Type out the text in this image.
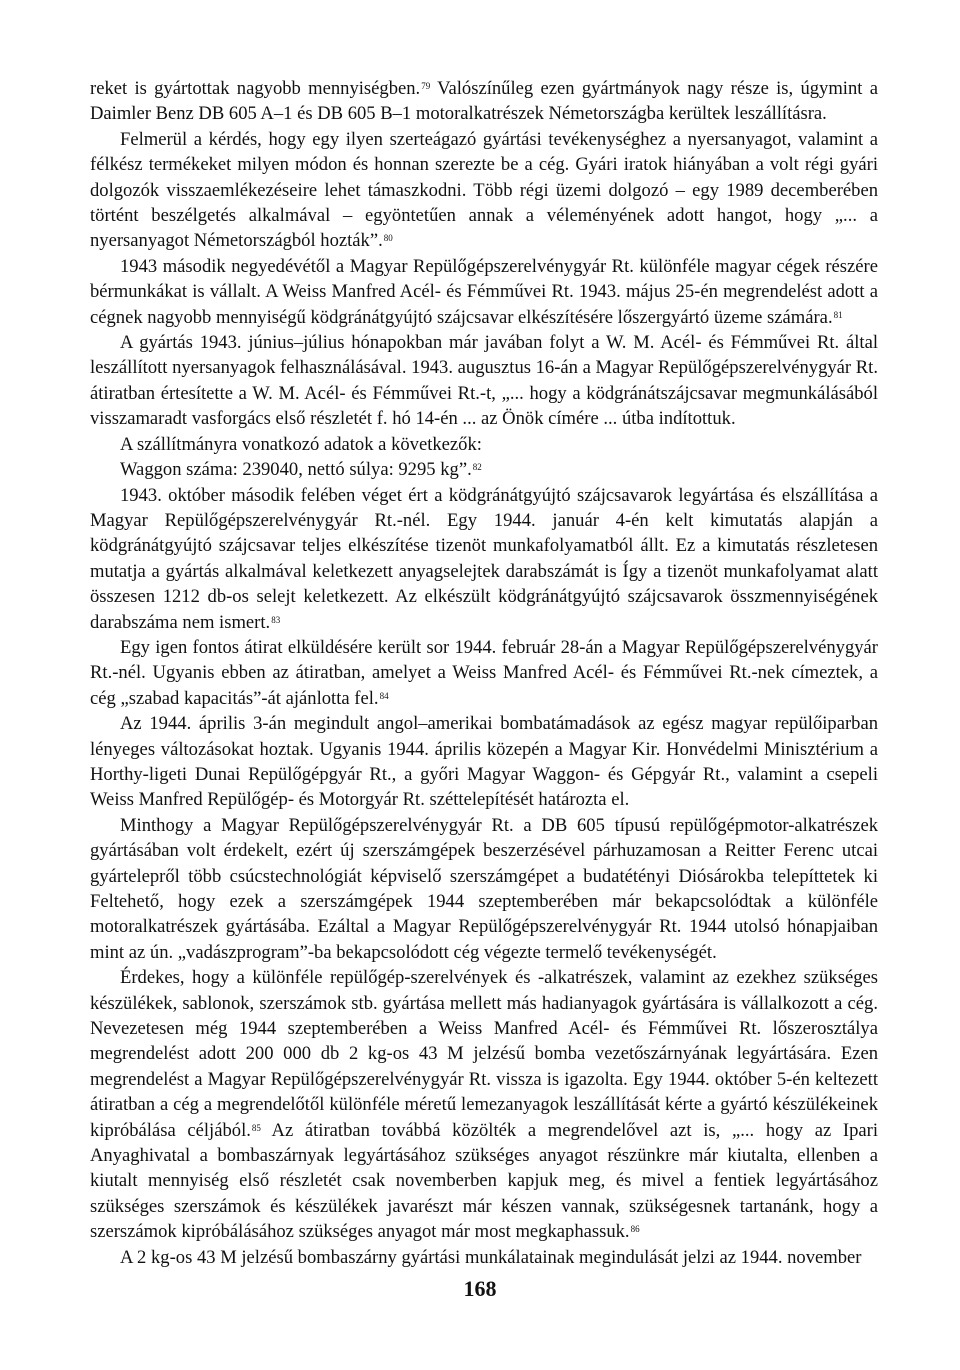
reket is gyártottak nagyobb mennyiségben.$^{79}$ Valószínűleg ezen gyártmányok nagy része is, úgymint a Daimler Benz DB 605 A–1 és DB 605 B–1 motoralkatrészek Németországba kerültek leszállításra.

Felmerül a kérdés, hogy egy ilyen szerteágazó gyártási tevékenységhez a nyersanyagot, valamint a félkész termékeket milyen módon és honnan szerezte be a cég. Gyári iratok hiányában a volt régi gyári dolgozók visszaemlékezéseire lehet támaszkodni. Több régi üzemi dolgozó – egy 1989 decemberében történt beszélgetés alkalmával – egyöntetűen annak a véleményének adott hangot, hogy „... a nyersanyagot Németországból hozták”.$^{80}$

1943 második negyedévétől a Magyar Repülőgépszerelvénygyár Rt. különféle magyar cégek részére bérmunkákat is vállalt. A Weiss Manfred Acél- és Fémművei Rt. 1943. május 25-én megrendelést adott a cégnek nagyobb mennyiségű ködgránátgyújtó szájcsavar elkészítésére lőszergyártó üzeme számára.$^{81}$

A gyártás 1943. június–július hónapokban már javában folyt a W. M. Acél- és Fémművei Rt. által leszállított nyersanyagok felhasználásával. 1943. augusztus 16-án a Magyar Repülőgépszerelvénygyár Rt. átiratban értesítette a W. M. Acél- és Fémművei Rt.-t, „... hogy a ködgránátszájcsavar megmunkálásából visszamaradt vasforgács első részletét f. hó 14-én ... az Önök címére ... útba indítottuk.

A szállítmányra vonatkozó adatok a következők:

Waggon száma: 239040, nettó súlya: 9295 kg”.$^{82}$

1943. október második felében véget ért a ködgránátgyújtó szájcsavarok legyártása és elszállítása a Magyar Repülőgépszerelvénygyár Rt.-nél. Egy 1944. január 4-én kelt kimutatás alapján a ködgránátgyújtó szájcsavar teljes elkészítése tizenöt munkafolyamatból állt. Ez a kimutatás részletesen mutatja a gyártás alkalmával keletkezett anyagselejtek darabszámát is Így a tizenöt munkafolyamat alatt összesen 1212 db-os selejt keletkezett. Az elkészült ködgránátgyújtó szájcsavarok összmennyiségének darabszáma nem ismert.$^{83}$

Egy igen fontos átirat elküldésére került sor 1944. február 28-án a Magyar Repülőgépszerelvénygyár Rt.-nél. Ugyanis ebben az átiratban, amelyet a Weiss Manfred Acél- és Fémművei Rt.-nek címeztek, a cég „szabad kapacitás”-át ajánlotta fel.$^{84}$

Az 1944. április 3-án megindult angol–amerikai bombatámadások az egész magyar repülőiparban lényeges változásokat hoztak. Ugyanis 1944. április közepén a Magyar Kir. Honvédelmi Minisztérium a Horthy-ligeti Dunai Repülőgépgyár Rt., a győri Magyar Waggon- és Gépgyár Rt., valamint a csepeli Weiss Manfred Repülőgép- és Motorgyár Rt. széttelepítését határozta el.

Minthogy a Magyar Repülőgépszerelvénygyár Rt. a DB 605 típusú repülőgépmotor-alkatrészek gyártásában volt érdekelt, ezért új szerszámgépek beszerzésével párhuzamosan a Reitter Ferenc utcai gyártelepről több csúcstechnológiát képviselő szerszámgépet a budatétényi Diósárokba telepíttetek ki Feltehető, hogy ezek a szerszámgépek 1944 szeptemberében már bekapcsolódtak a különféle motoralkatrészek gyártásába. Ezáltal a Magyar Repülőgépszerelvénygyár Rt. 1944 utolsó hónapjaiban mint az ún. „vadászprogram”-ba bekapcsolódott cég végezte termelő tevékenységét.

Érdekes, hogy a különféle repülőgép-szerelvények és -alkatrészek, valamint az ezekhez szükséges készülékek, sablonok, szerszámok stb. gyártása mellett más hadianyagok gyártására is vállalkozott a cég. Nevezetesen még 1944 szeptemberében a Weiss Manfred Acél- és Fémművei Rt. lőszerosztálya megrendelést adott 200 000 db 2 kg-os 43 M jelzésű bomba vezetőszárnyának legyártására. Ezen megrendelést a Magyar Repülőgépszerelvénygyár Rt. vissza is igazolta. Egy 1944. október 5-én keltezett átiratban a cég a megrendelőtől különféle méretű lemezanyagok leszállítását kérte a gyártó készülékeinek kipróbálása céljából.$^{85}$ Az átiratban továbbá közölték a megrendelővel azt is, „... hogy az Ipari Anyaghivatal a bombaszárnyak legyártásához szükséges anyagot részünkre már kiutalta, ellenben a kiutalt mennyiség első részletét csak novemberben kapjuk meg, és mivel a fentiek legyártásához szükséges szerszámok és készülékek javarészt már készen vannak, szükségesnek tartanánk, hogy a szerszámok kipróbálásához szükséges anyagot már most megkaphassuk.$^{86}$

A 2 kg-os 43 M jelzésű bombaszárny gyártási munkálatainak megindulását jelzi az 1944. november

168
